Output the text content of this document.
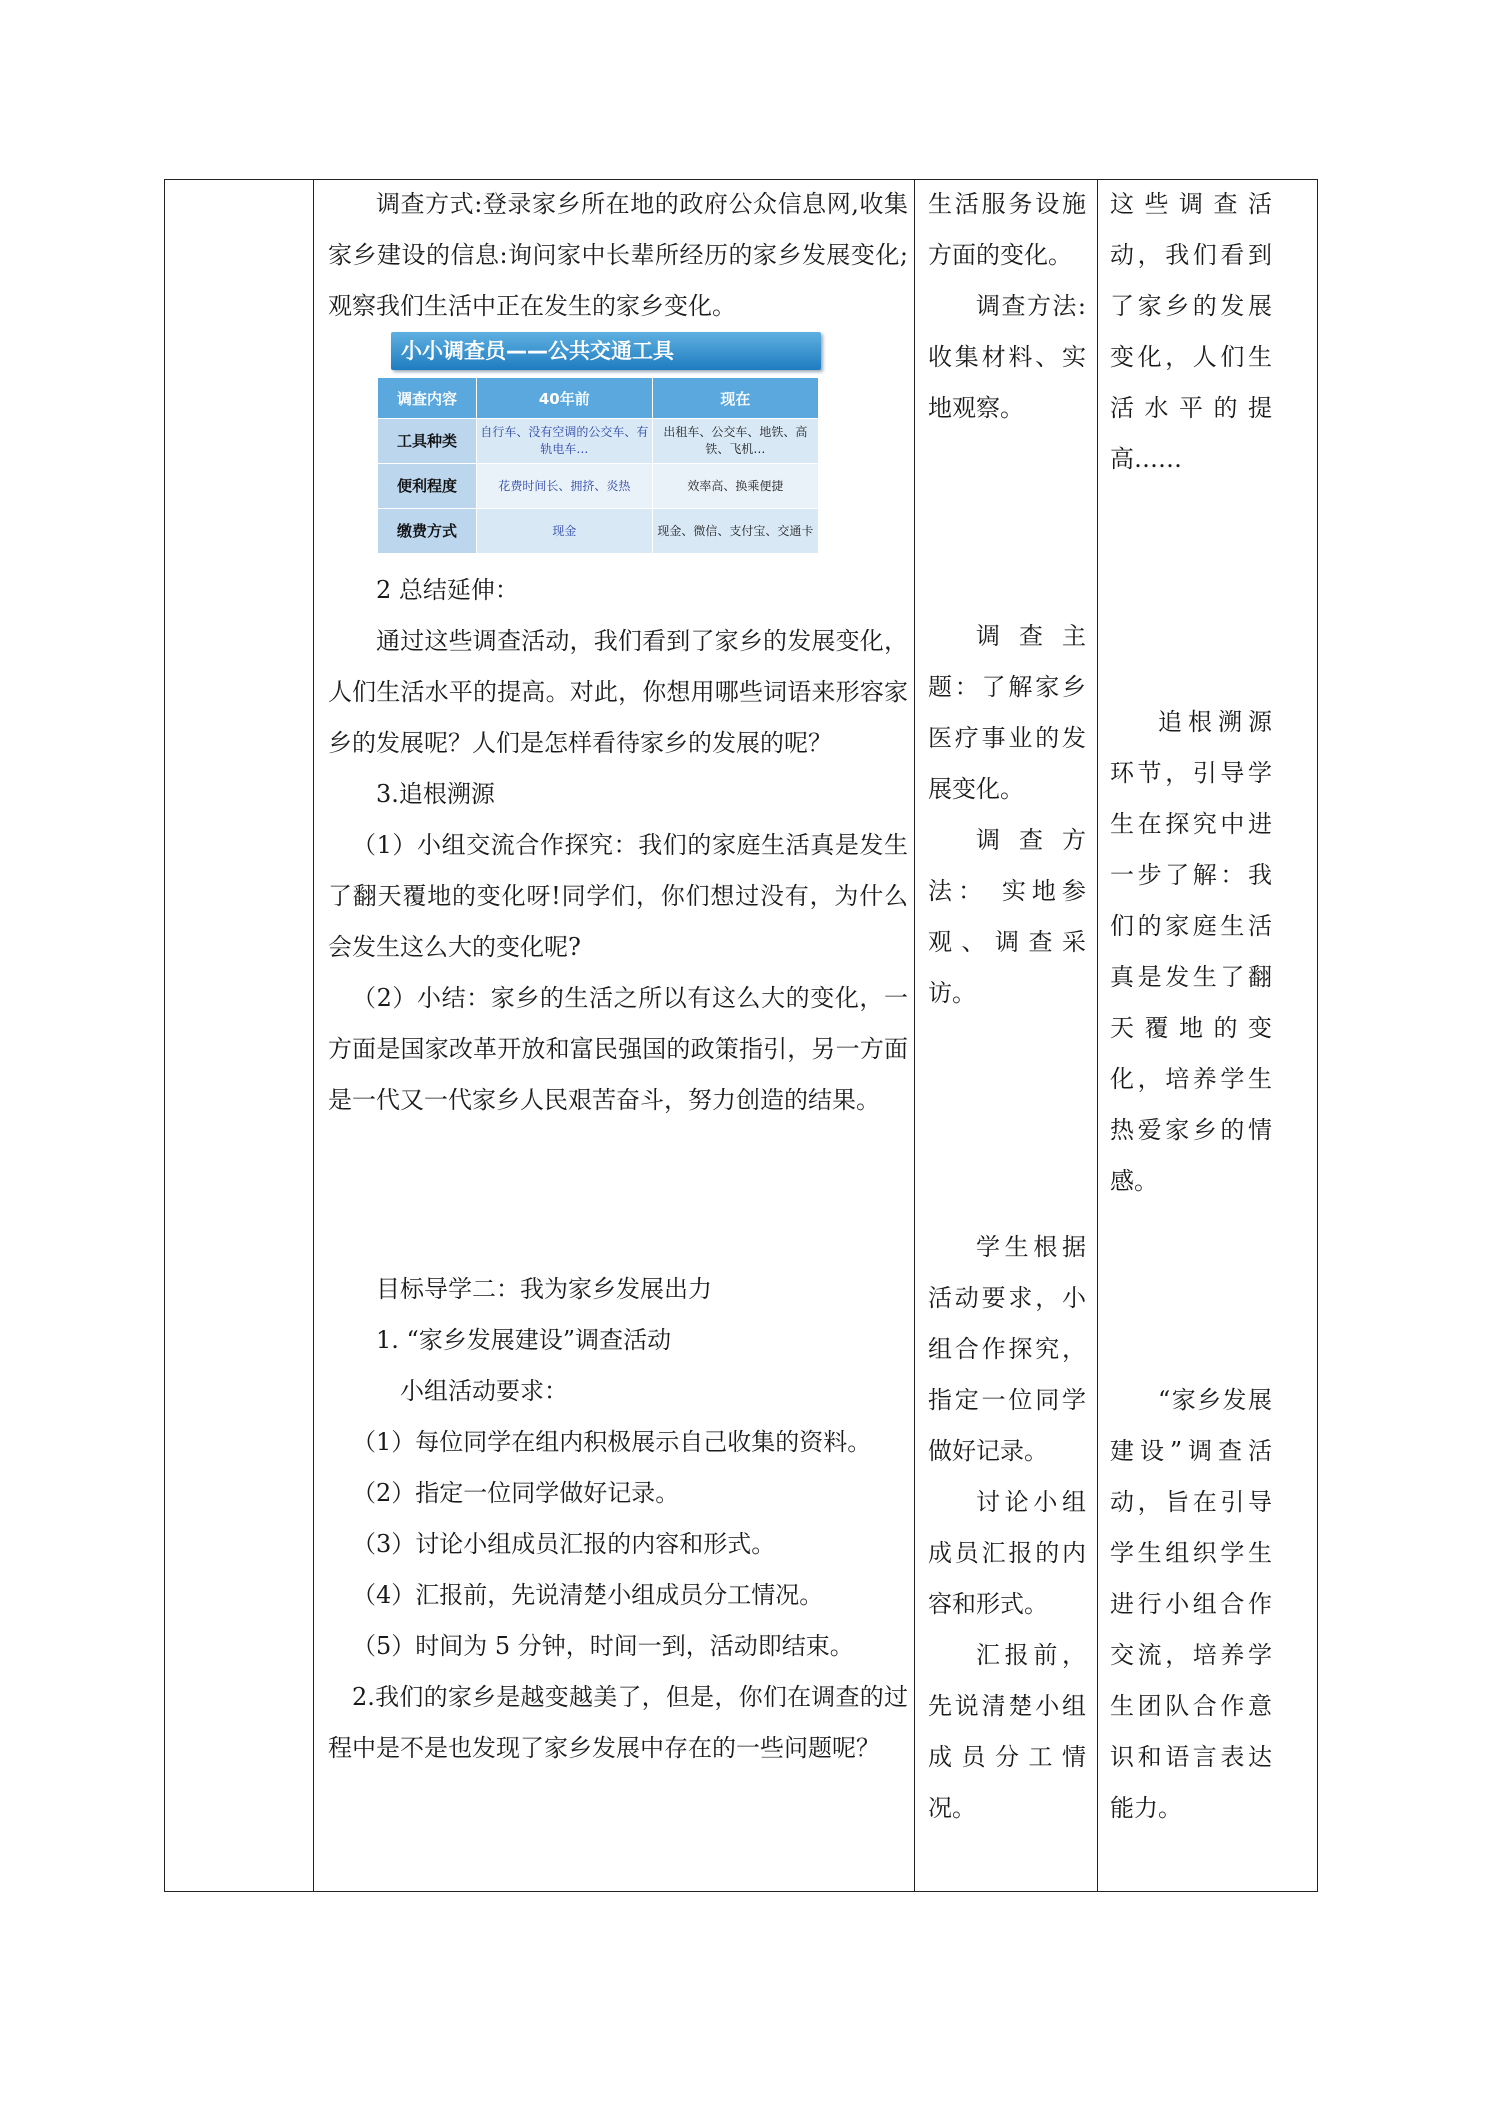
调查方式:登录家乡所在地的政府公众信息网,收集家乡建设的信息:询问家中长辈所经历的家乡发展变化;观察我们生活中正在发生的家乡变化。

小小调查员——公共交通工具
调查内容	40年前	现在
工具种类	自行车、没有空调的公交车、有轨电车…	出租车、公交车、地铁、高铁、飞机…
便利程度	花费时间长、拥挤、炎热	效率高、换乘便捷
缴费方式	现金	现金、微信、支付宝、交通卡

2 总结延伸：

通过这些调查活动，我们看到了家乡的发展变化，人们生活水平的提高。对此，你想用哪些词语来形容家乡的发展呢？人们是怎样看待家乡的发展的呢？

3.追根溯源

（1）小组交流合作探究：我们的家庭生活真是发生了翻天覆地的变化呀!同学们，你们想过没有，为什么会发生这么大的变化呢?

（2）小结：家乡的生活之所以有这么大的变化，一方面是国家改革开放和富民强国的政策指引，另一方面是一代又一代家乡人民艰苦奋斗，努力创造的结果。

目标导学二：我为家乡发展出力

1. “家乡发展建设”调查活动

小组活动要求：

（1）每位同学在组内积极展示自己收集的资料。

（2）指定一位同学做好记录。

（3）讨论小组成员汇报的内容和形式。

（4）汇报前，先说清楚小组成员分工情况。

（5）时间为 5 分钟，时间一到，活动即结束。

2.我们的家乡是越变越美了，但是，你们在调查的过程中是不是也发现了家乡发展中存在的一些问题呢？

生活服务设施方面的变化。

调查方法:收集材料、实地观察。

调查主题：了解家乡医疗事业的发展变化。

调查方法： 实地参观、调查采访。

学生根据活动要求，小组合作探究，指定一位同学做好记录。

讨论小组成员汇报的内容和形式。

汇报前，先说清楚小组成员分工情况。

这些调查活动，我们看到了家乡的发展变化，人们生活水平的提高……

追根溯源环节，引导学生在探究中进一步了解：我们的家庭生活真是发生了翻天覆地的变化，培养学生热爱家乡的情感。

“家乡发展建设”调查活动，旨在引导学生组织学生进行小组合作交流，培养学生团队合作意识和语言表达能力。
